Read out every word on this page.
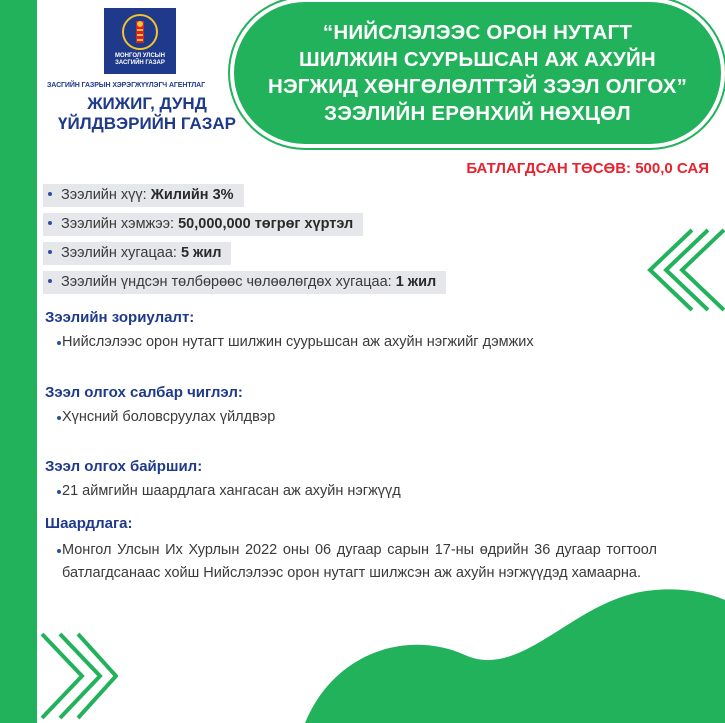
МОНГОЛ УЛСЫН
ЗАСГИЙН ГАЗАР
ЗАСГИЙН ГАЗРЫН ХЭРЭГЖҮҮЛЭГЧ АГЕНТЛАГ
ЖИЖИГ, ДУНД
ҮЙЛДВЭРИЙН ГАЗАР
“НИЙСЛЭЛЭЭС ОРОН НУТАГТ
ШИЛЖИН СУУРЬШСАН АЖ АХУЙН
НЭГЖИД ХӨНГӨЛӨЛТТЭЙ ЗЭЭЛ ОЛГОХ”
ЗЭЭЛИЙН ЕРӨНХИЙ НӨХЦӨЛ
БАТЛАГДСАН ТӨСӨВ: 500,0 САЯ
Зээлийн хүү: Жилийн 3%
Зээлийн хэмжээ: 50,000,000 төгрөг хүртэл
Зээлийн хугацаа: 5 жил
Зээлийн үндсэн төлбөрөөс чөлөөлөгдөх хугацаа: 1 жил
Зээлийн зориулалт:
Нийслэлээс орон нутагт шилжин суурьшсан аж ахуйн нэгжийг дэмжих
Зээл олгох салбар чиглэл:
Хүнсний боловсруулах үйлдвэр
Зээл олгох байршил:
21 аймгийн шаардлага хангасан аж ахуйн нэгжүүд
Шаардлага:
Монгол Улсын Их Хурлын 2022 оны 06 дугаар сарын 17-ны өдрийн 36 дугаар тогтоол батлагдсанаас хойш Нийслэлээс орон нутагт шилжсэн аж ахуйн нэгжүүдэд хамаарна.
